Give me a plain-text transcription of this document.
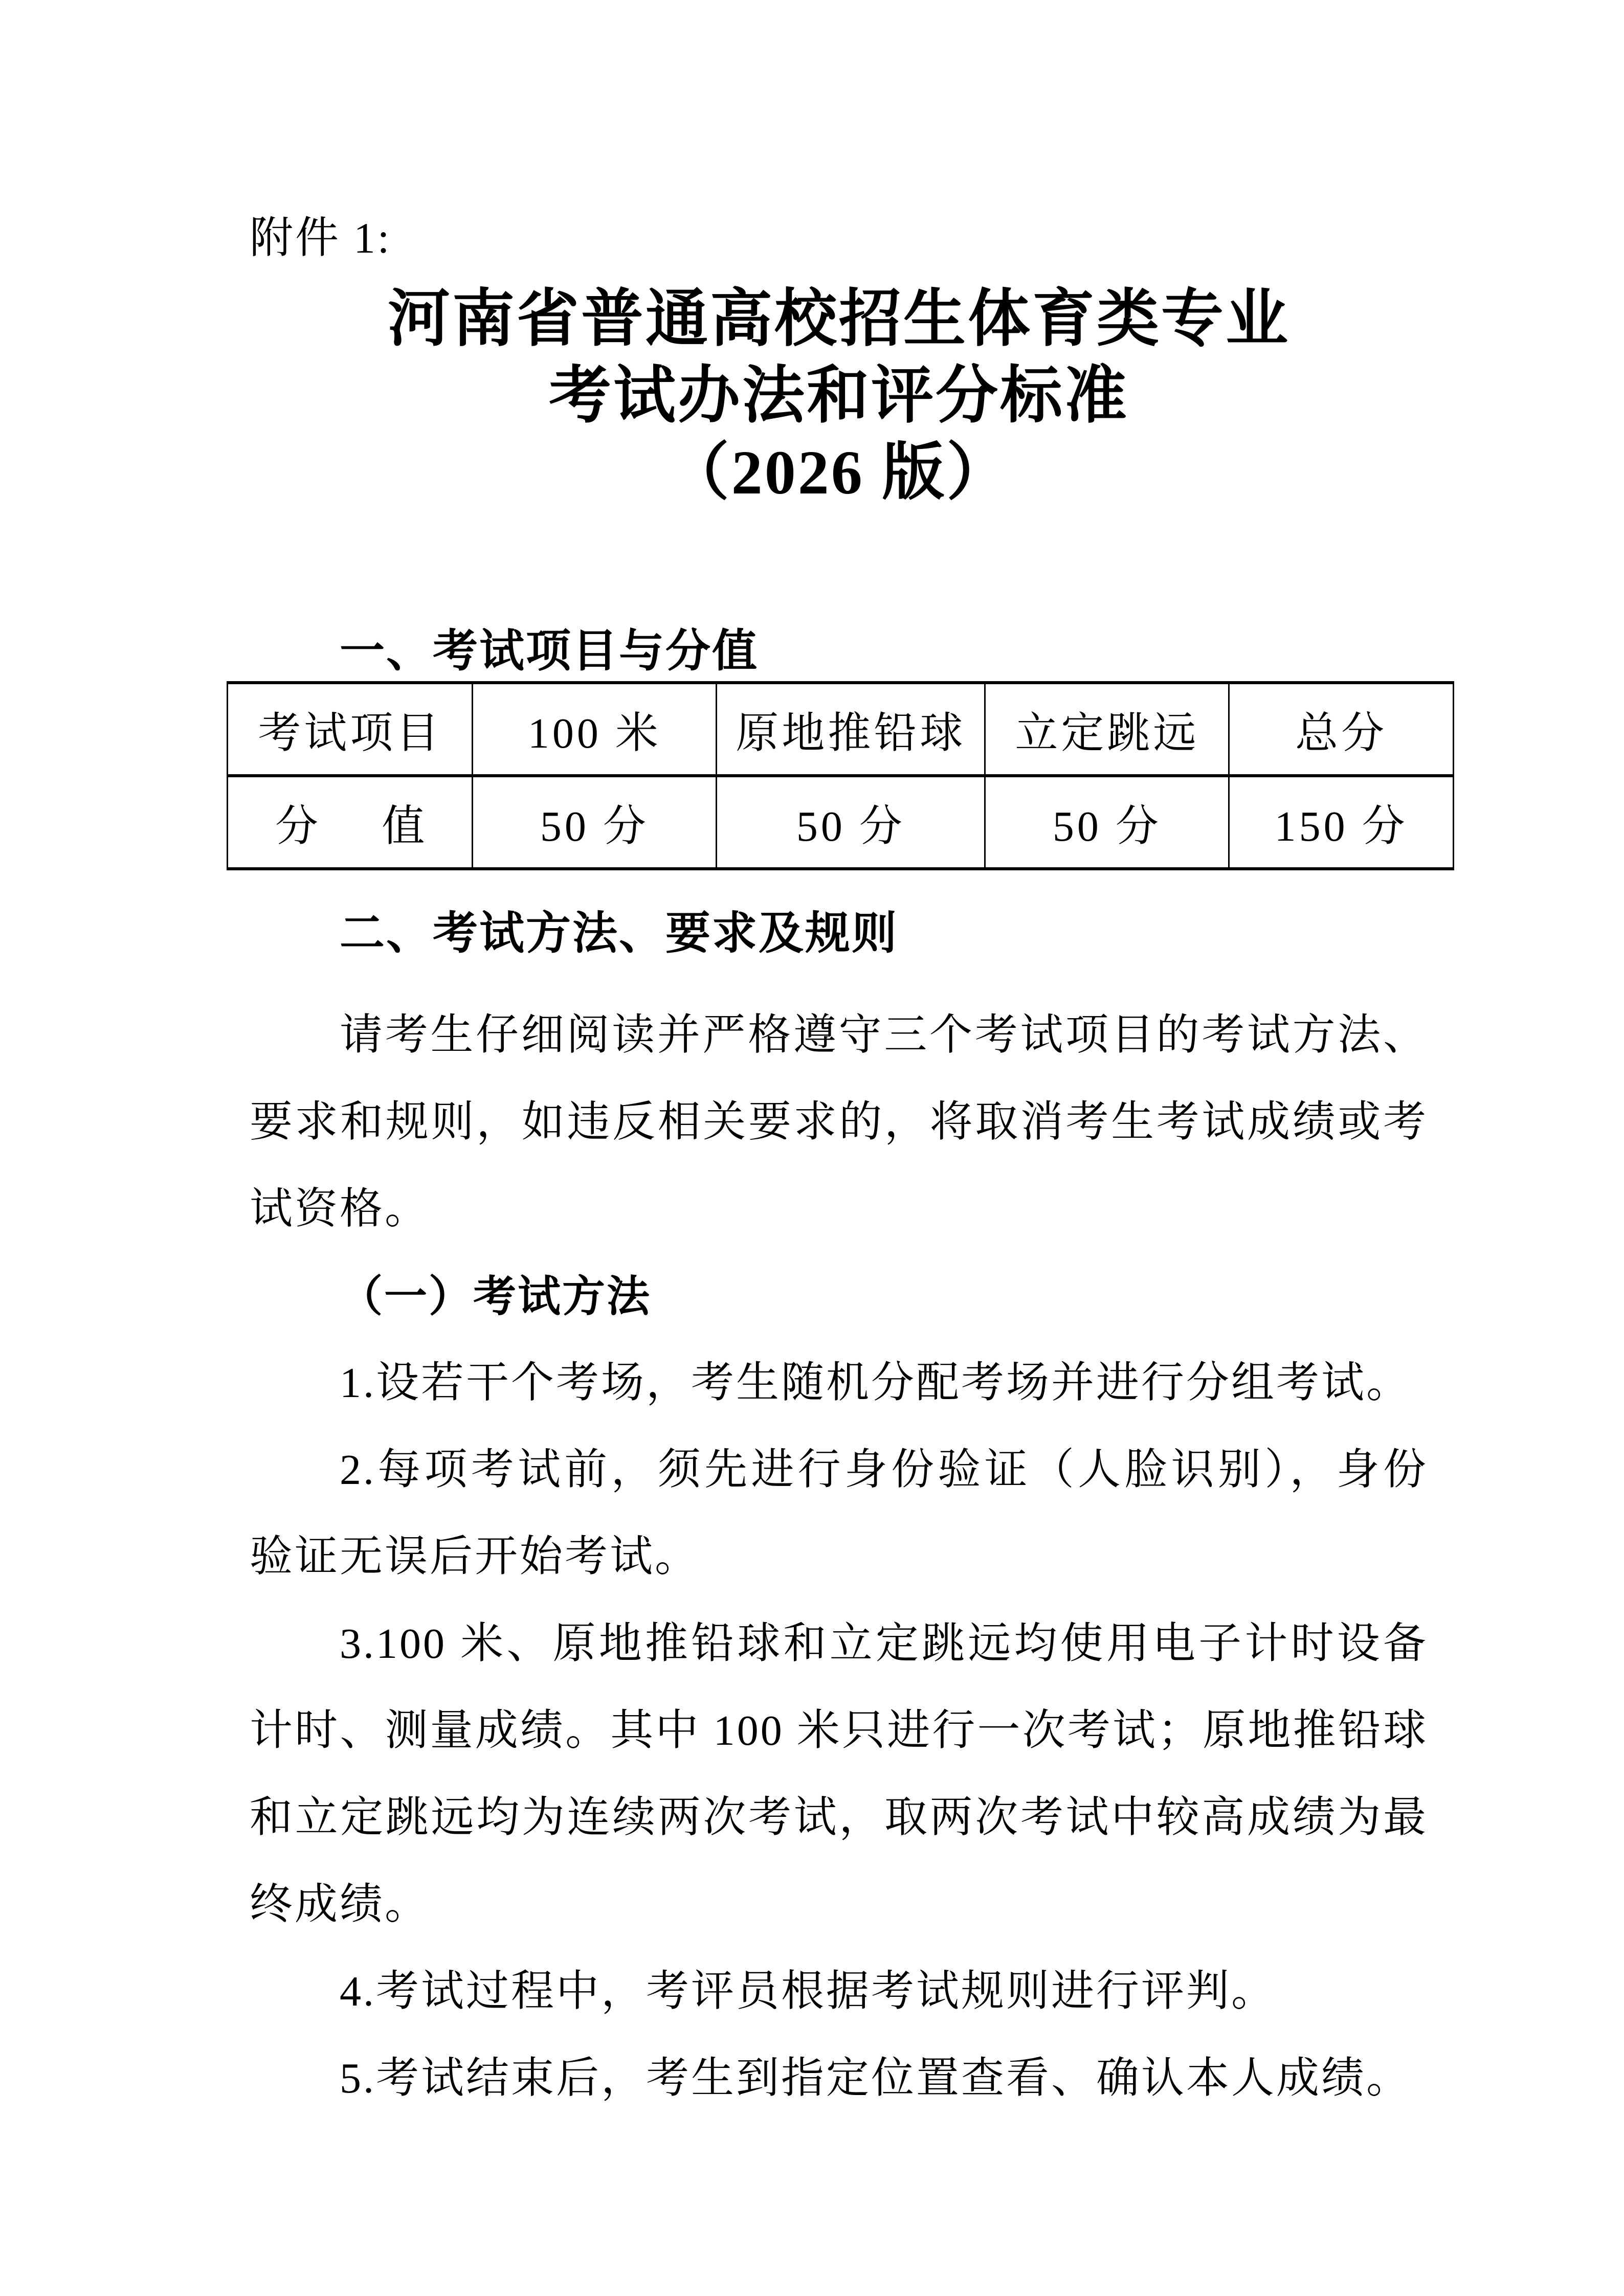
附件 1:
河南省普通高校招生体育类专业
考试办法和评分标准
（2026 版）
一、考试项目与分值
考试项目	100 米	原地推铅球	立定跳远	总分

分 值	50 分	50 分	50 分	150 分
二、考试方法、要求及规则
请考生仔细阅读并严格遵守三个考试项目的考试方法、
要求和规则，如违反相关要求的，将取消考生考试成绩或考
试资格。
（一）考试方法
1.设若干个考场，考生随机分配考场并进行分组考试。
2.每项考试前，须先进行身份验证（人脸识别），身份
验证无误后开始考试。
3.100 米、原地推铅球和立定跳远均使用电子计时设备
计时、测量成绩。其中 100 米只进行一次考试；原地推铅球
和立定跳远均为连续两次考试，取两次考试中较高成绩为最
终成绩。
4.考试过程中，考评员根据考试规则进行评判。
5.考试结束后，考生到指定位置查看、确认本人成绩。
